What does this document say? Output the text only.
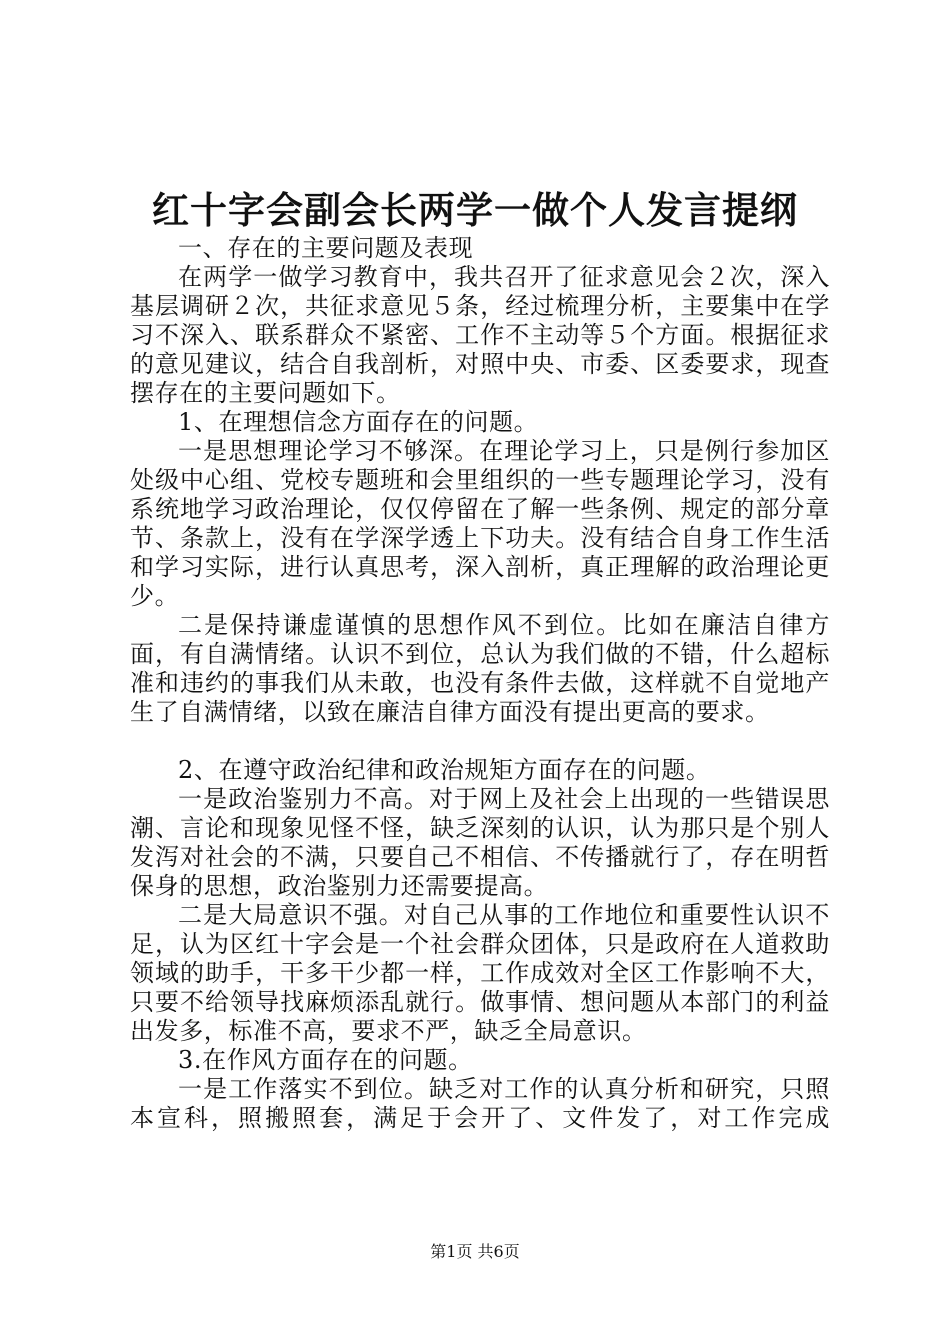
红十字会副会长两学一做个人发言提纲

一、存在的主要问题及表现

在两学一做学习教育中，我共召开了征求意见会２次，深入基层调研２次，共征求意见５条，经过梳理分析，主要集中在学习不深入、联系群众不紧密、工作不主动等５个方面。根据征求的意见建议，结合自我剖析，对照中央、市委、区委要求，现查摆存在的主要问题如下。

1、在理想信念方面存在的问题。

一是思想理论学习不够深。在理论学习上，只是例行参加区处级中心组、党校专题班和会里组织的一些专题理论学习，没有系统地学习政治理论，仅仅停留在了解一些条例、规定的部分章节、条款上，没有在学深学透上下功夫。没有结合自身工作生活和学习实际，进行认真思考，深入剖析，真正理解的政治理论更少。

二是保持谦虚谨慎的思想作风不到位。比如在廉洁自律方面，有自满情绪。认识不到位，总认为我们做的不错，什么超标准和违约的事我们从未敢，也没有条件去做，这样就不自觉地产生了自满情绪，以致在廉洁自律方面没有提出更高的要求。

2、在遵守政治纪律和政治规矩方面存在的问题。

一是政治鉴别力不高。对于网上及社会上出现的一些错误思潮、言论和现象见怪不怪，缺乏深刻的认识，认为那只是个别人发泻对社会的不满，只要自己不相信、不传播就行了，存在明哲保身的思想，政治鉴别力还需要提高。

二是大局意识不强。对自己从事的工作地位和重要性认识不足，认为区红十字会是一个社会群众团体，只是政府在人道救助领域的助手，干多干少都一样，工作成效对全区工作影响不大，只要不给领导找麻烦添乱就行。做事情、想问题从本部门的利益出发多，标准不高，要求不严，缺乏全局意识。

3.在作风方面存在的问题。

一是工作落实不到位。缺乏对工作的认真分析和研究，只照本宣科，照搬照套，满足于会开了、文件发了，对工作完成

第1页 共6页
